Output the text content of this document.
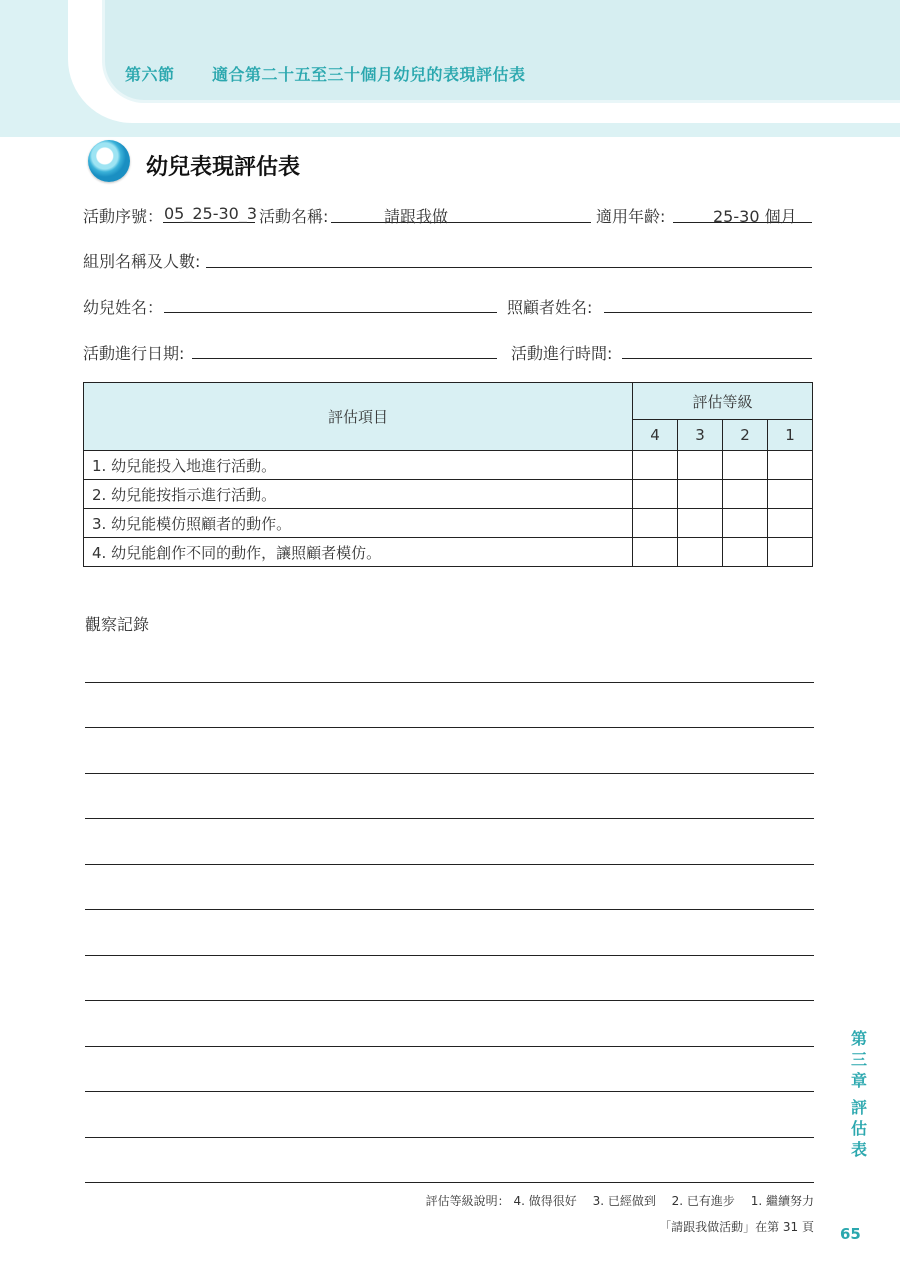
第六節 適合第二十五至三十個月幼兒的表現評估表
幼兒表現評估表
活動序號： 05_25-30_3 活動名稱:	請跟我做	適用年齡:	25-30 個月
組別名稱及人數:
幼兒姓名：	照顧者姓名:
活動進行日期:	活動進行時間:
評估項目	評估等級			
	4	3	2	1
1. 幼兒能投入地進行活動。				
2. 幼兒能按指示進行活動。				
3. 幼兒能模仿照顧者的動作。				
4. 幼兒能創作不同的動作，讓照顧者模仿。				
觀察記錄
第
三
章
評
估
表
評估等級說明： 4. 做得很好　 3. 已經做到　 2. 已有進步　 1. 繼續努力
「請跟我做活動」在第 31 頁 65
